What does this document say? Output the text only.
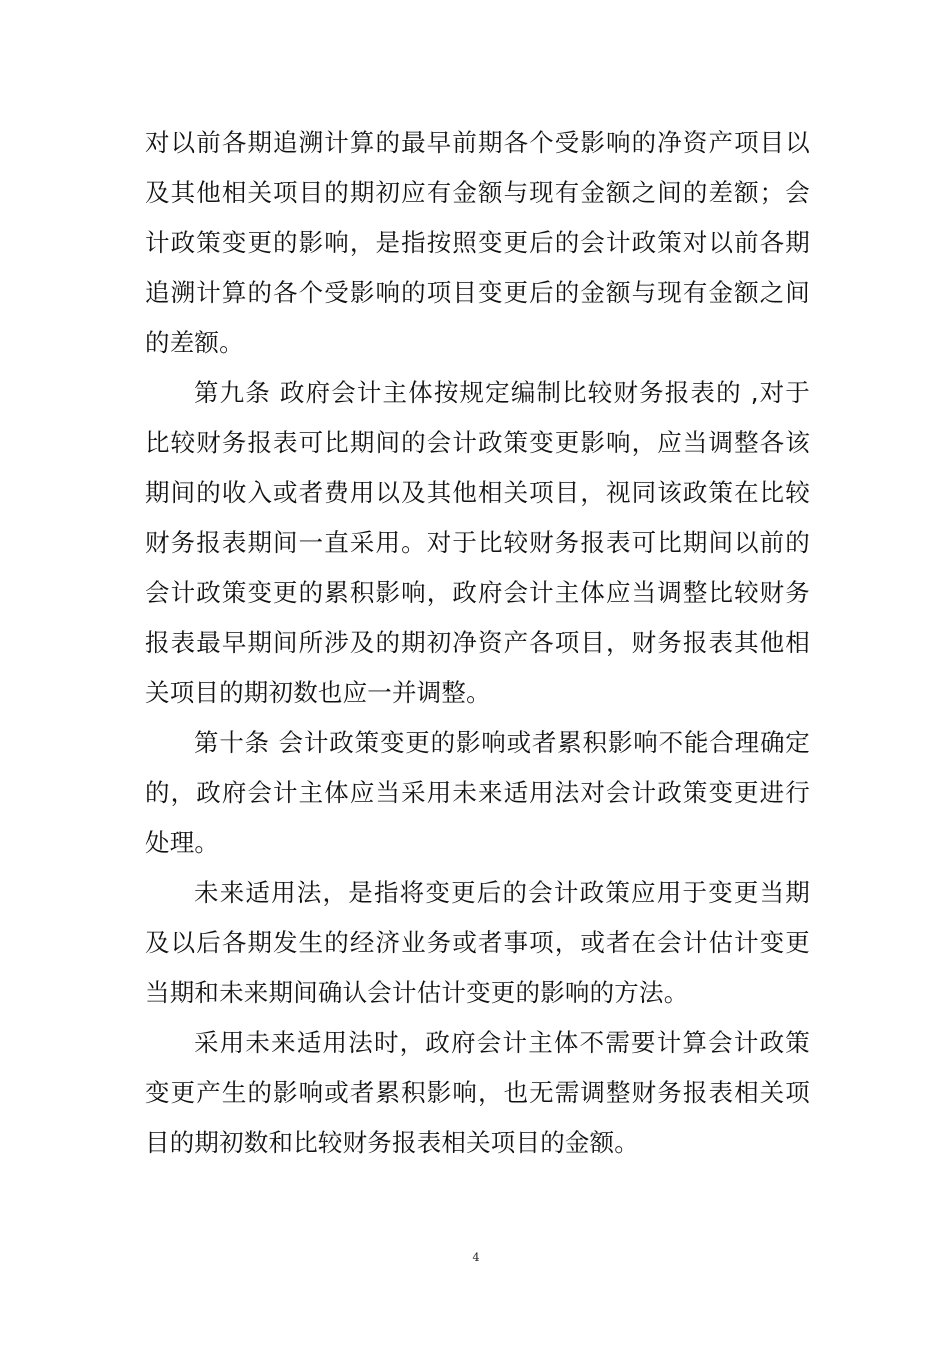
对以前各期追溯计算的最早前期各个受影响的净资产项目以及其他相关项目的期初应有金额与现有金额之间的差额；会计政策变更的影响，是指按照变更后的会计政策对以前各期追溯计算的各个受影响的项目变更后的金额与现有金额之间的差额。

第九条 政府会计主体按规定编制比较财务报表的 ,对于比较财务报表可比期间的会计政策变更影响，应当调整各该期间的收入或者费用以及其他相关项目，视同该政策在比较财务报表期间一直采用。对于比较财务报表可比期间以前的会计政策变更的累积影响，政府会计主体应当调整比较财务报表最早期间所涉及的期初净资产各项目，财务报表其他相关项目的期初数也应一并调整。

第十条 会计政策变更的影响或者累积影响不能合理确定的，政府会计主体应当采用未来适用法对会计政策变更进行处理。

未来适用法，是指将变更后的会计政策应用于变更当期及以后各期发生的经济业务或者事项，或者在会计估计变更当期和未来期间确认会计估计变更的影响的方法。

采用未来适用法时，政府会计主体不需要计算会计政策变更产生的影响或者累积影响，也无需调整财务报表相关项目的期初数和比较财务报表相关项目的金额。

4
